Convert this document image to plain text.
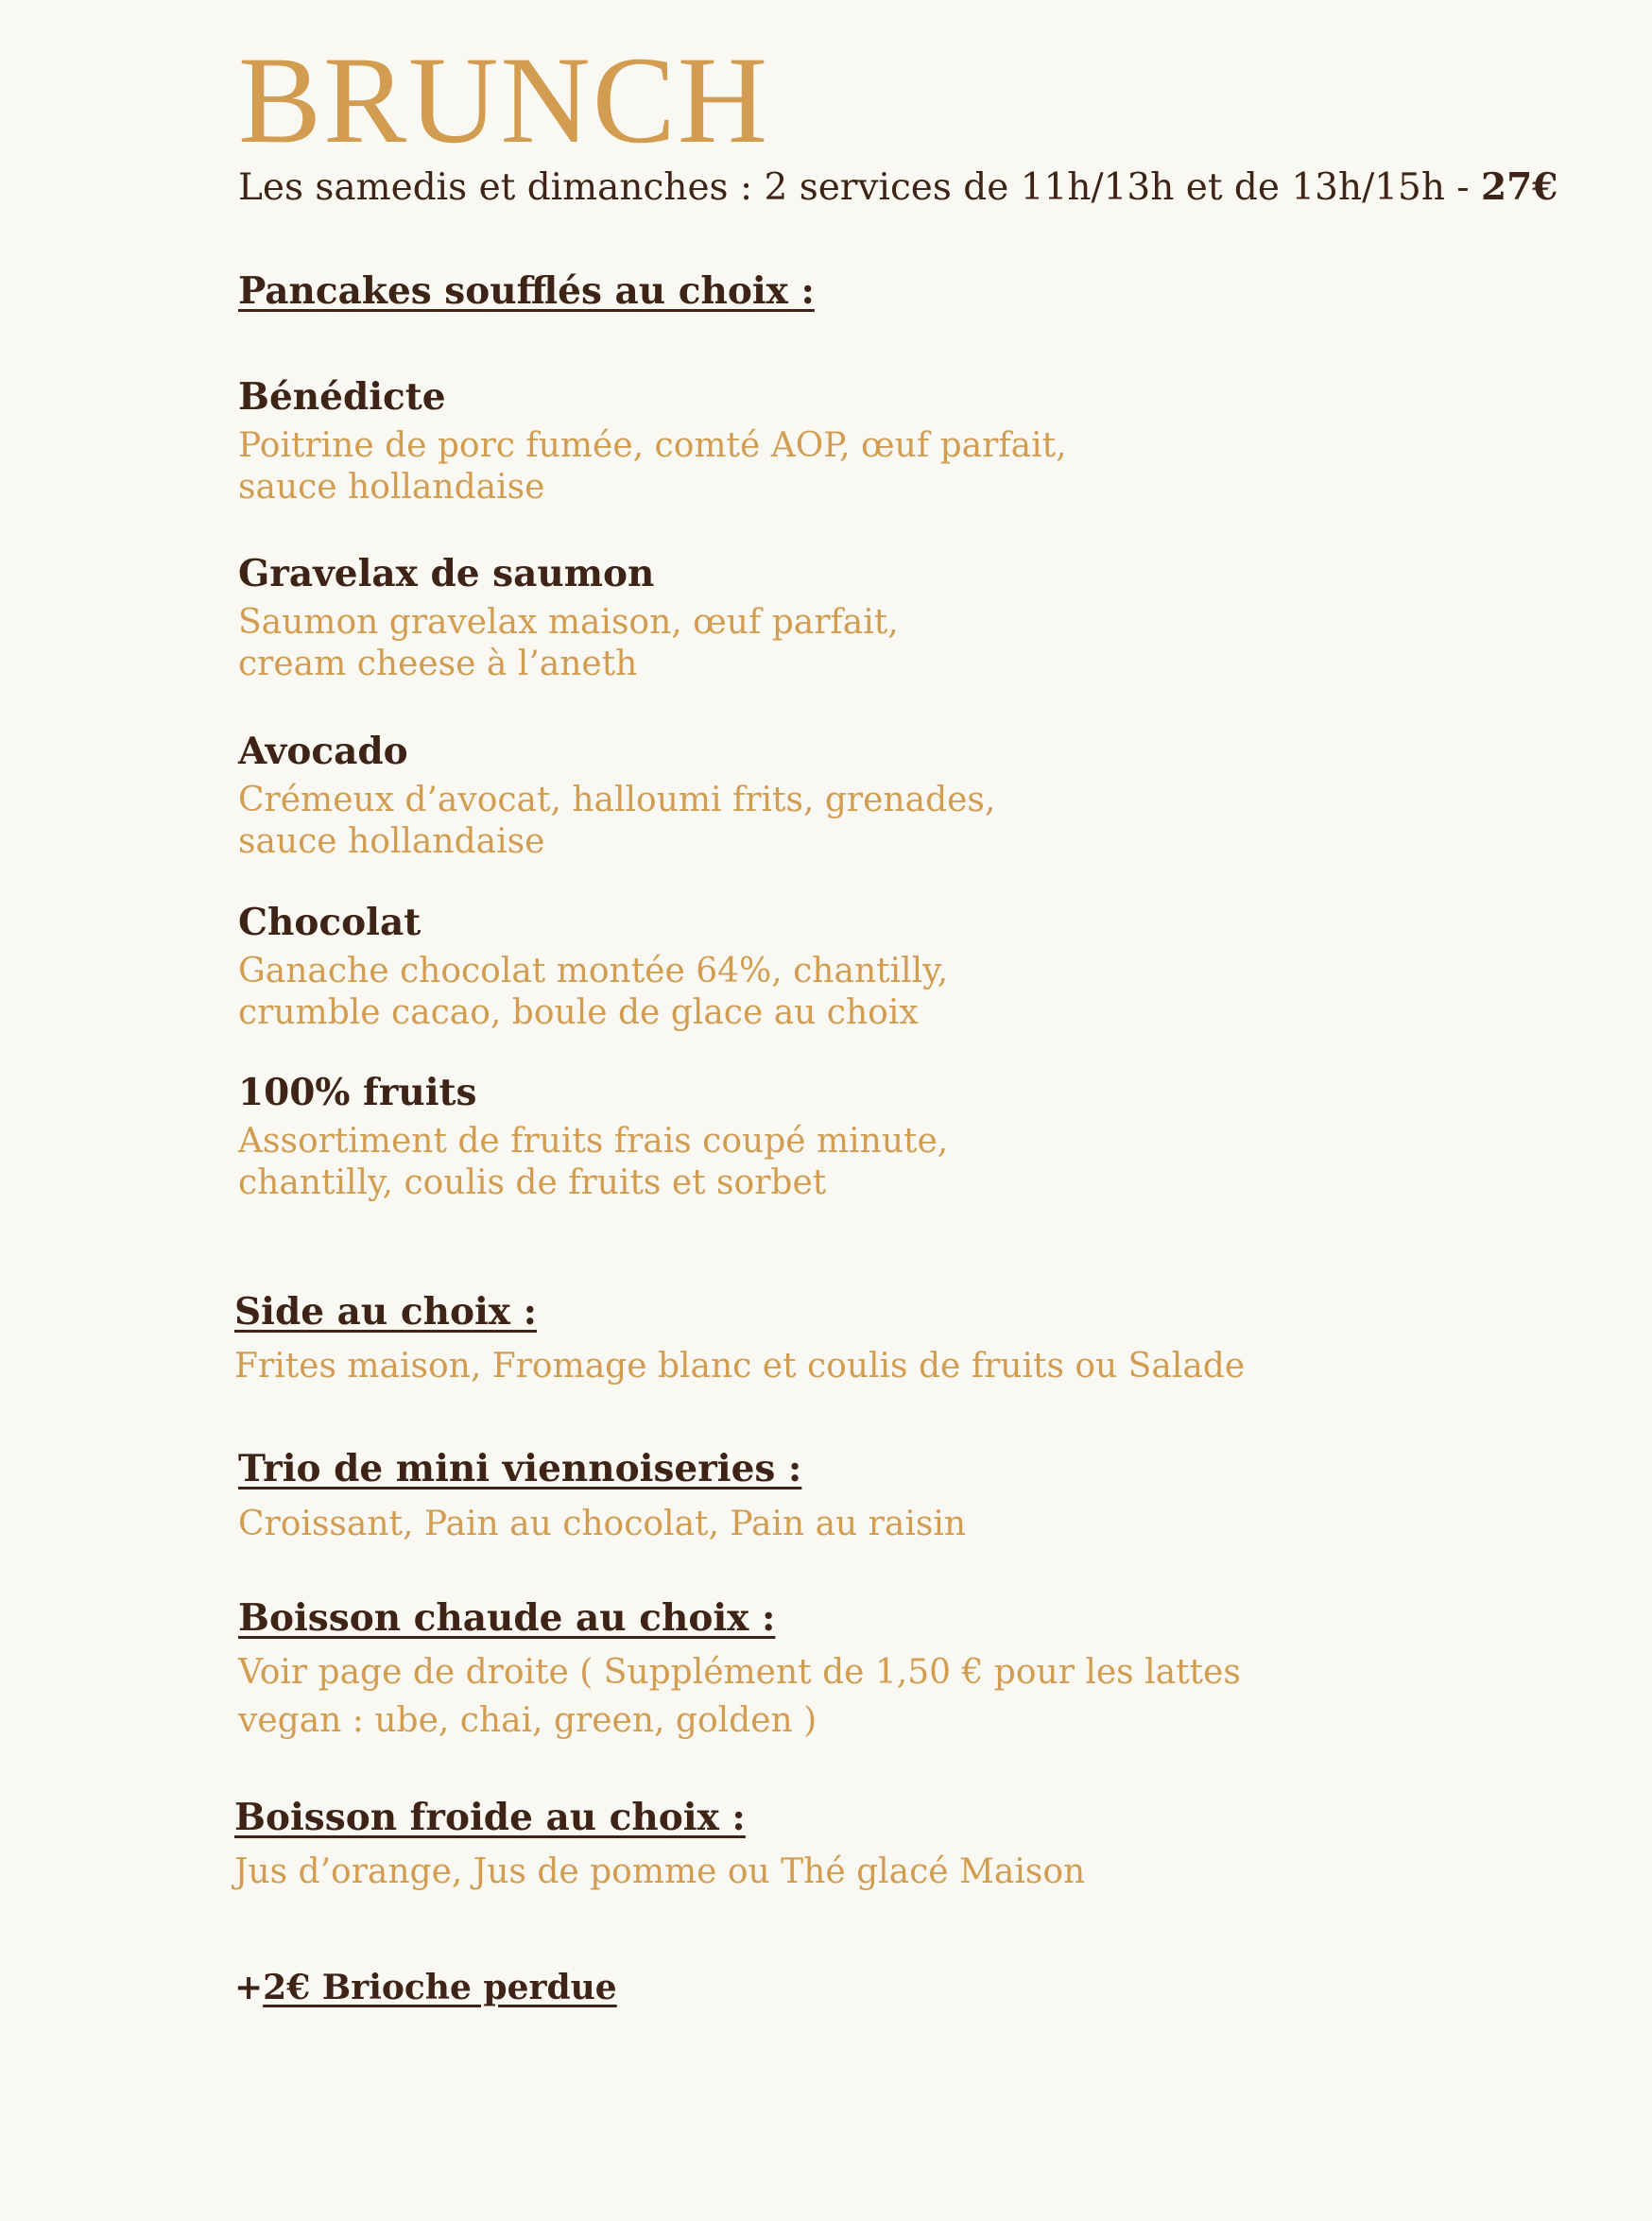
BRUNCH
Les samedis et dimanches : 2 services de 11h/13h et de 13h/15h - 27€
Pancakes soufflés au choix :
Bénédicte
Poitrine de porc fumée, comté AOP, œuf parfait,
sauce hollandaise
Gravelax de saumon
Saumon gravelax maison, œuf parfait,
cream cheese à l’aneth
Avocado
Crémeux d’avocat, halloumi frits, grenades,
sauce hollandaise
Chocolat
Ganache chocolat montée 64%, chantilly,
crumble cacao, boule de glace au choix
100% fruits
Assortiment de fruits frais coupé minute,
chantilly, coulis de fruits et sorbet
Side au choix :
Frites maison, Fromage blanc et coulis de fruits ou Salade
Trio de mini viennoiseries :
Croissant, Pain au chocolat, Pain au raisin
Boisson chaude au choix :
Voir page de droite ( Supplément de 1,50 € pour les lattes
vegan : ube, chai, green, golden )
Boisson froide au choix :
Jus d’orange, Jus de pomme ou Thé glacé Maison
+2€ Brioche perdue
